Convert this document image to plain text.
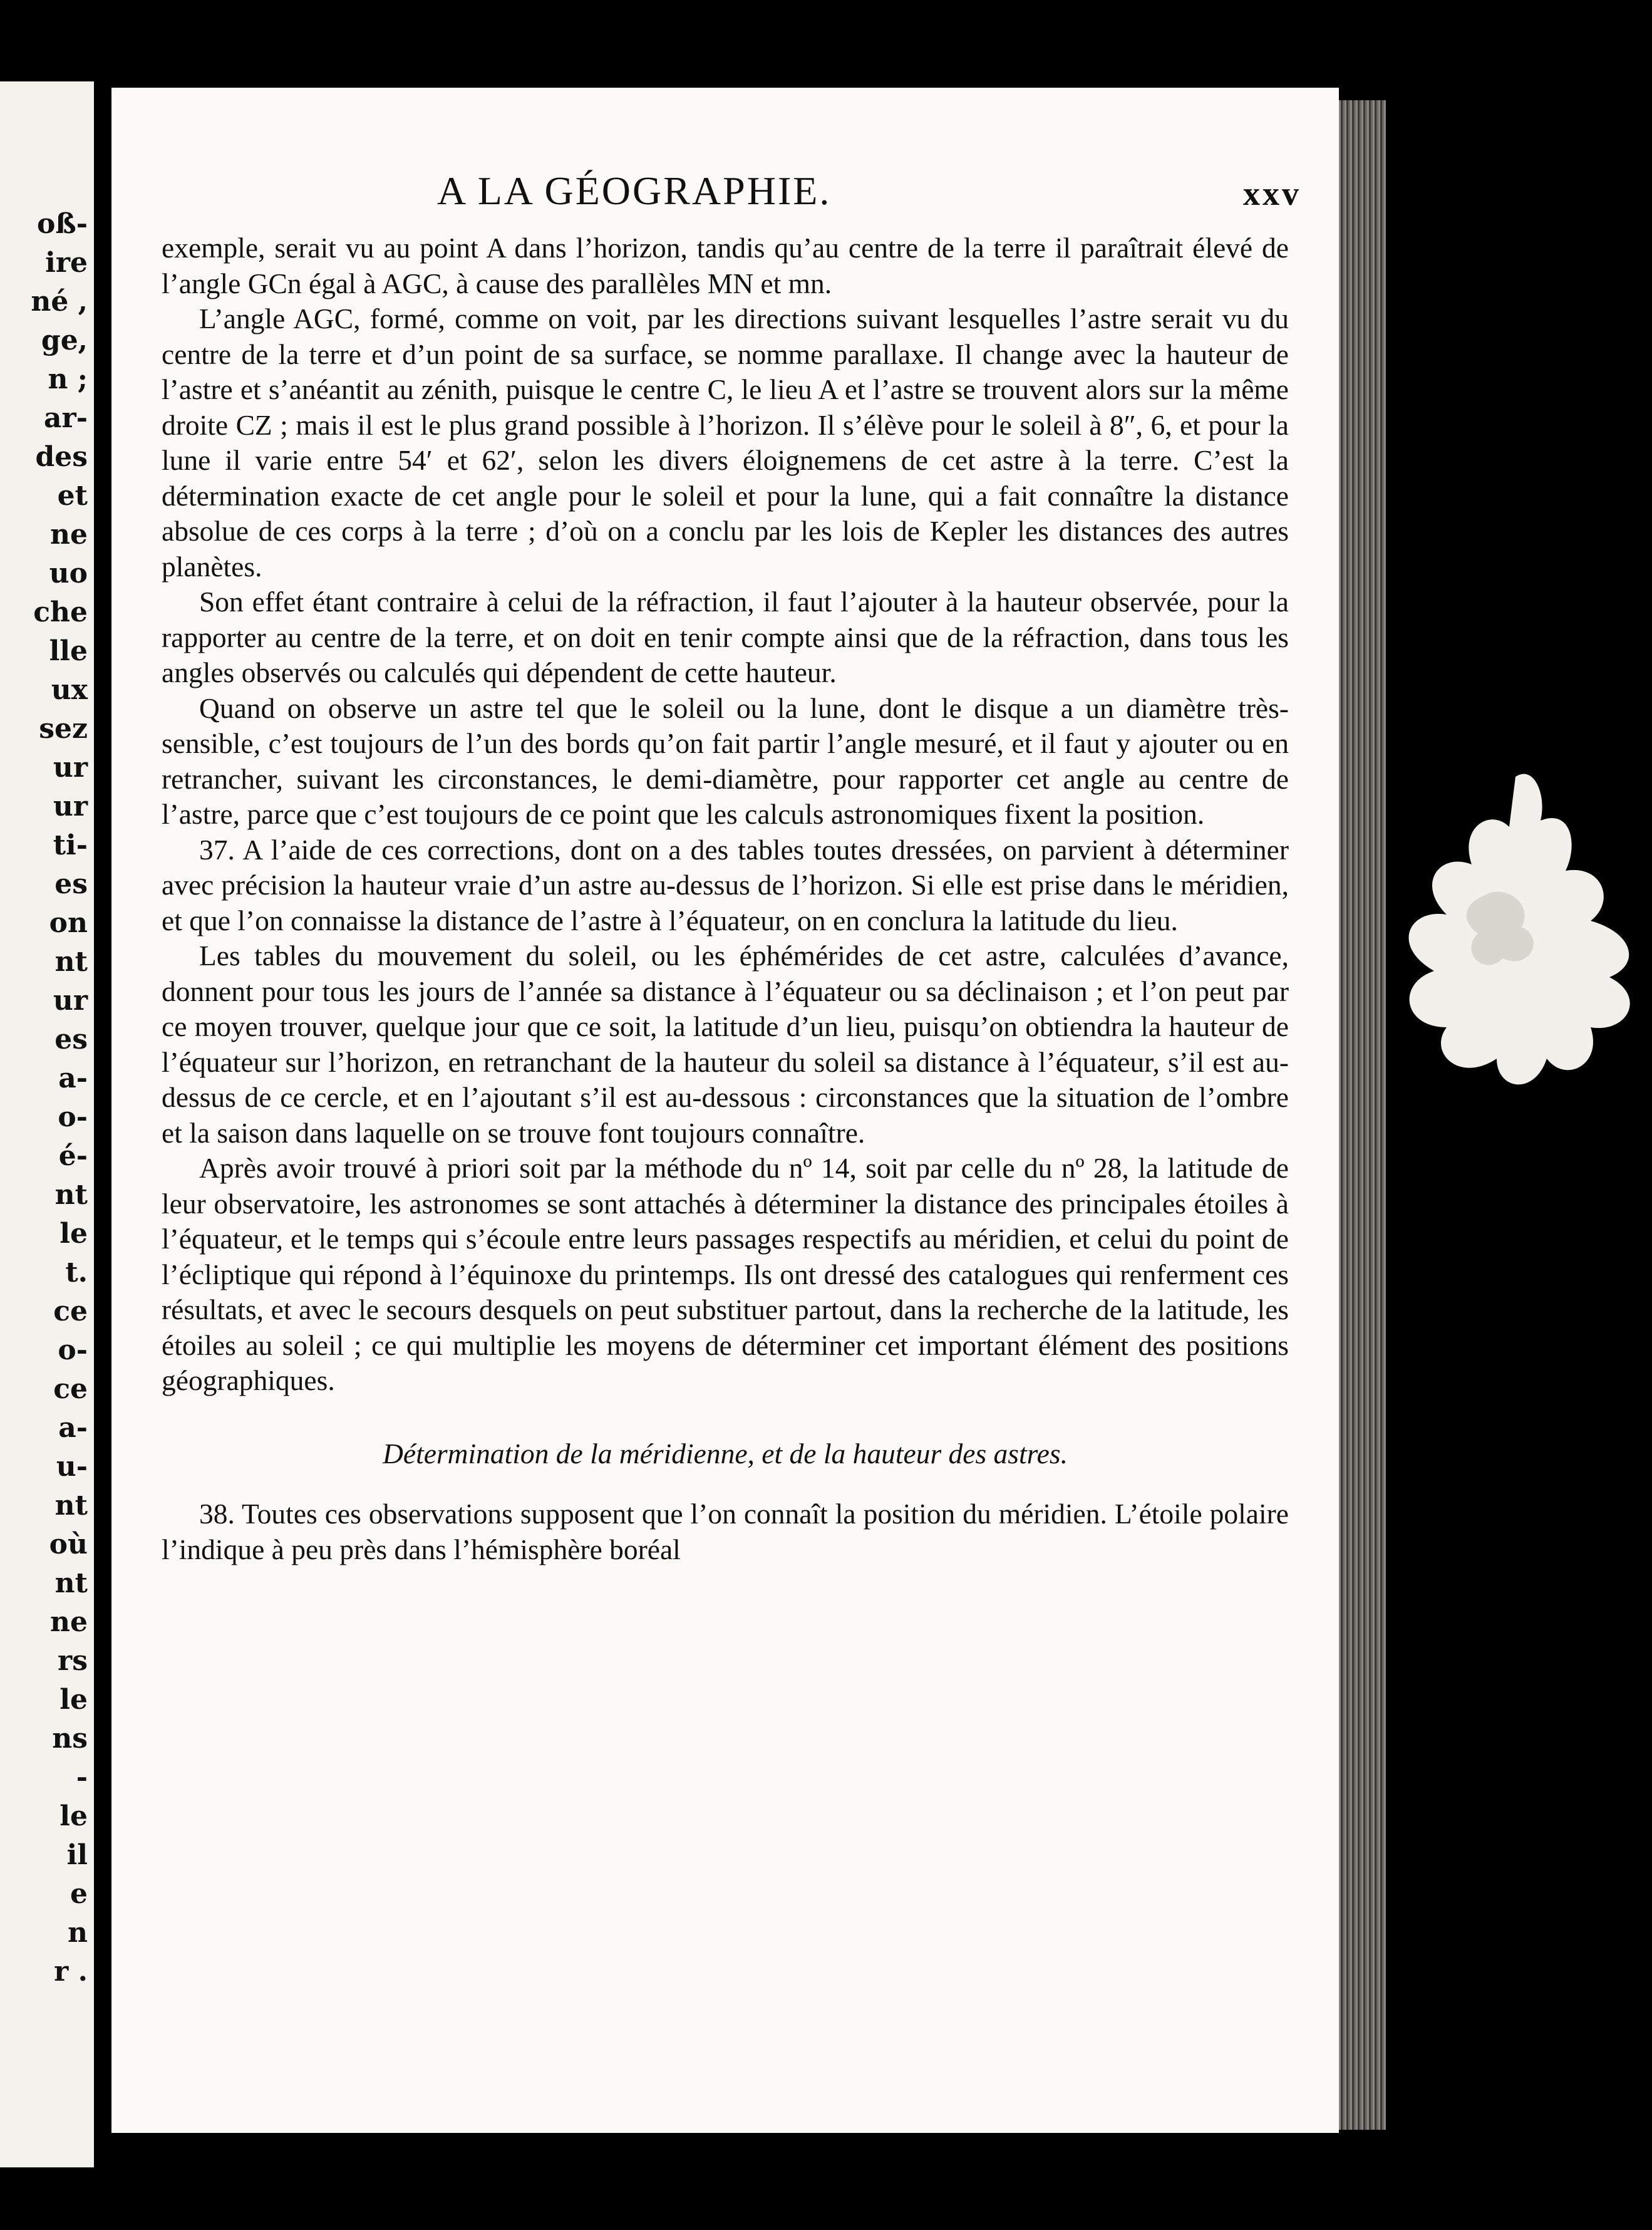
oß-
ire
né ,
ge,
n ;
ar-
des
et
ne
uo
che
lle
ux
sez
ur
ur
ti-
es
on
nt
ur
es
a-
o-
é-
nt
le
t.
ce
o-
ce
a-
u-
nt
où
nt
ne
rs
le
ns
-
le
il
e
n
r .
A LA GÉOGRAPHIE.	xxv

exemple, serait vu au point A dans l’horizon, tandis qu’au centre de la terre il paraîtrait élevé de l’angle GCn égal à AGC, à cause des parallèles MN et mn.

L’angle AGC, formé, comme on voit, par les directions suivant lesquelles l’astre serait vu du centre de la terre et d’un point de sa surface, se nomme parallaxe. Il change avec la hauteur de l’astre et s’anéantit au zénith, puisque le centre C, le lieu A et l’astre se trouvent alors sur la même droite CZ ; mais il est le plus grand possible à l’horizon. Il s’élève pour le soleil à 8″, 6, et pour la lune il varie entre 54′ et 62′, selon les divers éloignemens de cet astre à la terre. C’est la détermination exacte de cet angle pour le soleil et pour la lune, qui a fait connaître la distance absolue de ces corps à la terre ; d’où on a conclu par les lois de Kepler les distances des autres planètes.

Son effet étant contraire à celui de la réfraction, il faut l’ajouter à la hauteur observée, pour la rapporter au centre de la terre, et on doit en tenir compte ainsi que de la réfraction, dans tous les angles observés ou calculés qui dépendent de cette hauteur.

Quand on observe un astre tel que le soleil ou la lune, dont le disque a un diamètre très-sensible, c’est toujours de l’un des bords qu’on fait partir l’angle mesuré, et il faut y ajouter ou en retrancher, suivant les circonstances, le demi-diamètre, pour rapporter cet angle au centre de l’astre, parce que c’est toujours de ce point que les calculs astronomiques fixent la position.

37. A l’aide de ces corrections, dont on a des tables toutes dressées, on parvient à déterminer avec précision la hauteur vraie d’un astre au-dessus de l’horizon. Si elle est prise dans le méridien, et que l’on connaisse la distance de l’astre à l’équateur, on en conclura la latitude du lieu.

Les tables du mouvement du soleil, ou les éphémérides de cet astre, calculées d’avance, donnent pour tous les jours de l’année sa distance à l’équateur ou sa déclinaison ; et l’on peut par ce moyen trouver, quelque jour que ce soit, la latitude d’un lieu, puisqu’on obtiendra la hauteur de l’équateur sur l’horizon, en retranchant de la hauteur du soleil sa distance à l’équateur, s’il est au-dessus de ce cercle, et en l’ajoutant s’il est au-dessous : circonstances que la situation de l’ombre et la saison dans laquelle on se trouve font toujours connaître.

Après avoir trouvé à priori soit par la méthode du nº 14, soit par celle du nº 28, la latitude de leur observatoire, les astronomes se sont attachés à déterminer la distance des principales étoiles à l’équateur, et le temps qui s’écoule entre leurs passages respectifs au méridien, et celui du point de l’écliptique qui répond à l’équinoxe du printemps. Ils ont dressé des catalogues qui renferment ces résultats, et avec le secours desquels on peut substituer partout, dans la recherche de la latitude, les étoiles au soleil ; ce qui multiplie les moyens de déterminer cet important élément des positions géographiques.

Détermination de la méridienne, et de la hauteur des astres.

38. Toutes ces observations supposent que l’on connaît la position du méridien. L’étoile polaire l’indique à peu près dans l’hémisphère boréal
